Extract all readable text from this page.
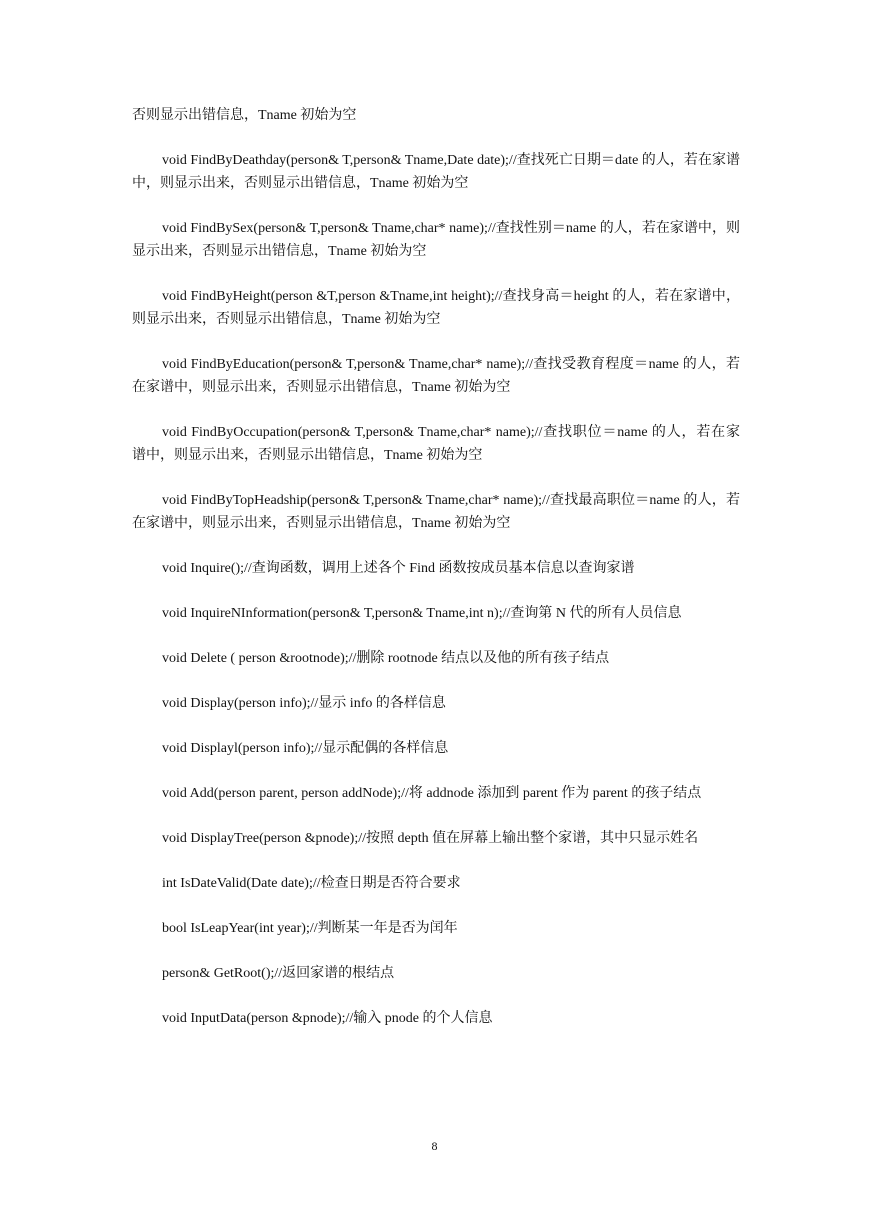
否则显示出错信息，Tname 初始为空

void FindByDeathday(person& T,person& Tname,Date date);//查找死亡日期＝date 的人，若在家谱中，则显示出来，否则显示出错信息，Tname 初始为空

void FindBySex(person& T,person& Tname,char* name);//查找性别＝name 的人，若在家谱中，则显示出来，否则显示出错信息，Tname 初始为空

void FindByHeight(person &T,person &Tname,int height);//查找身高＝height 的人，若在家谱中，则显示出来，否则显示出错信息，Tname 初始为空

void FindByEducation(person& T,person& Tname,char* name);//查找受教育程度＝name 的人，若在家谱中，则显示出来，否则显示出错信息，Tname 初始为空

void FindByOccupation(person& T,person& Tname,char* name);//查找职位＝name 的人，若在家谱中，则显示出来，否则显示出错信息，Tname 初始为空

void FindByTopHeadship(person& T,person& Tname,char* name);//查找最高职位＝name 的人，若在家谱中，则显示出来，否则显示出错信息，Tname 初始为空

void Inquire();//查询函数，调用上述各个 Find 函数按成员基本信息以查询家谱

void InquireNInformation(person& T,person& Tname,int n);//查询第 N 代的所有人员信息

void Delete ( person &rootnode);//删除 rootnode 结点以及他的所有孩子结点

void Display(person info);//显示 info 的各样信息

void Displayl(person info);//显示配偶的各样信息

void Add(person parent, person addNode);//将 addnode 添加到 parent 作为 parent 的孩子结点

void DisplayTree(person &pnode);//按照 depth 值在屏幕上输出整个家谱，其中只显示姓名

int IsDateValid(Date date);//检查日期是否符合要求

bool IsLeapYear(int year);//判断某一年是否为闰年

person& GetRoot();//返回家谱的根结点

void InputData(person &pnode);//输入 pnode 的个人信息

8
